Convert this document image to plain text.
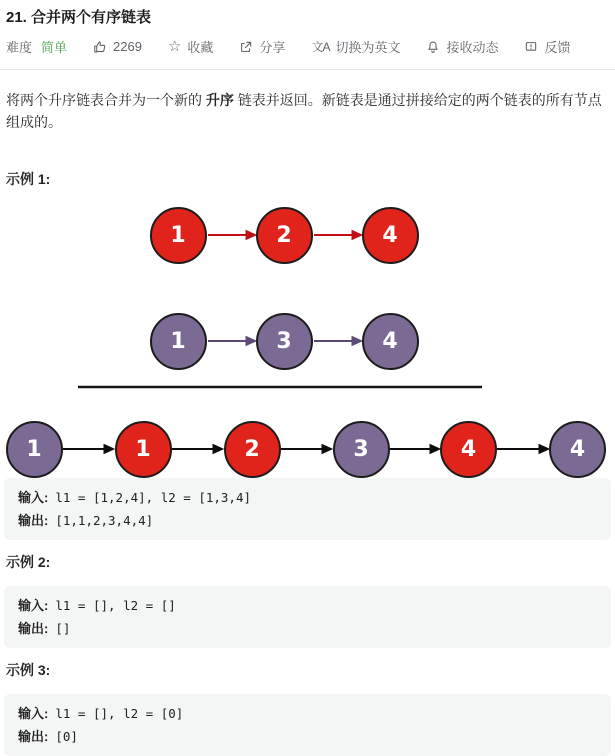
21. 合并两个有序链表
难度 简单	2269 ☆ 收藏	分享 文A 切换为英文	接收动态	反馈

将两个升序链表合并为一个新的 升序 链表并返回。新链表是通过拼接给定的两个链表的所有节点组成的。

示例 1:
1	2	4
1	3	4
1	1	2	3	4	4
输入: l1 = [1,2,4], l2 = [1,3,4]
输出: [1,1,2,3,4,4]
示例 2:
输入: l1 = [], l2 = []
输出: []
示例 3:
输入: l1 = [], l2 = [0]
输出: [0]
